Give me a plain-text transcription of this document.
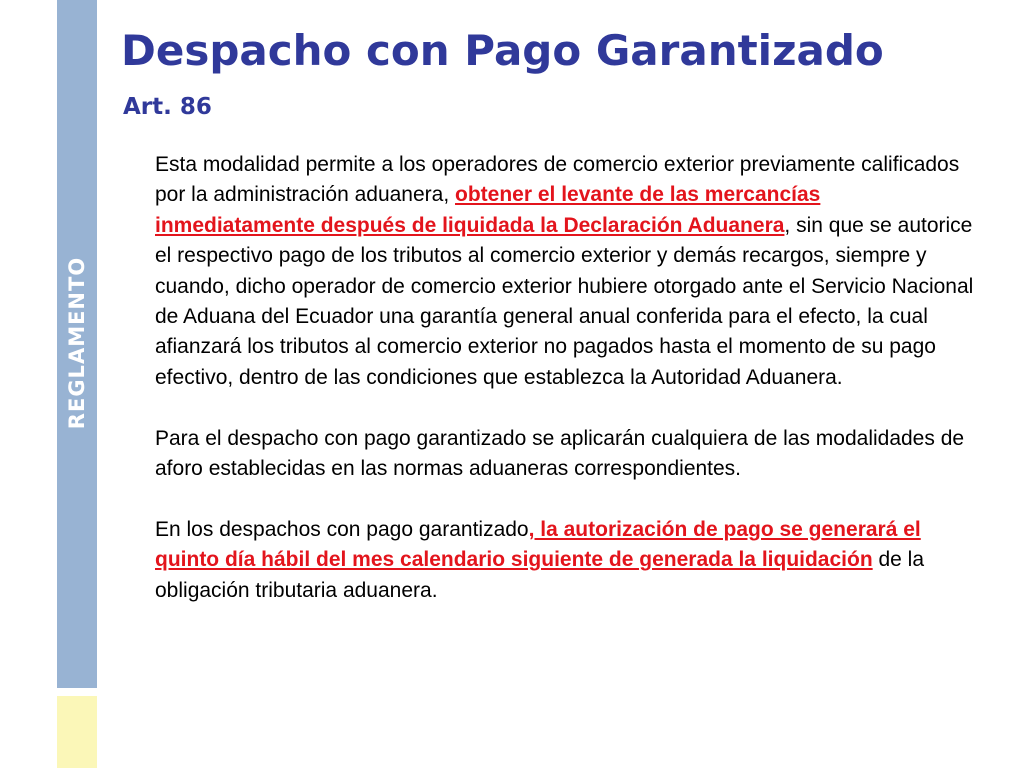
REGLAMENTO
Despacho con Pago Garantizado
Art. 86

Esta modalidad permite a los operadores de comercio exterior previamente calificados por la administración aduanera, obtener el levante de las mercancías inmediatamente después de liquidada la Declaración Aduanera, sin que se autorice el respectivo pago de los tributos al comercio exterior y demás recargos, siempre y cuando, dicho operador de comercio exterior hubiere otorgado ante el Servicio Nacional de Aduana del Ecuador una garantía general anual conferida para el efecto, la cual afianzará los tributos al comercio exterior no pagados hasta el momento de su pago efectivo, dentro de las condiciones que establezca la Autoridad Aduanera.

Para el despacho con pago garantizado se aplicarán cualquiera de las modalidades de aforo establecidas en las normas aduaneras correspondientes.

En los despachos con pago garantizado, la autorización de pago se generará el quinto día hábil del mes calendario siguiente de generada la liquidación de la obligación tributaria aduanera.
